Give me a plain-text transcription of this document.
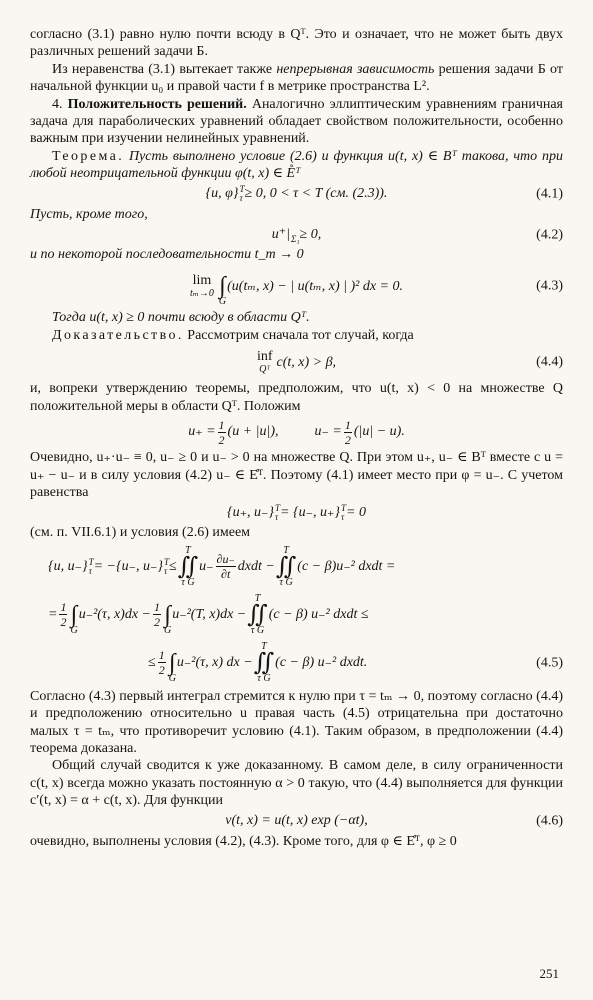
согласно (3.1) равно нулю почти всюду в Qᵀ. Это и означает, что не может быть двух различных решений задачи Б.

Из неравенства (3.1) вытекает также непрерывная зависимость решения задачи Б от начальной функции u₀ и правой части f в метрике пространства L².

4. Положительность решений. Аналогично эллиптическим уравнениям граничная задача для параболических уравнений обладает свойством положительности, особенно важным при изучении нелинейных уравнений.

Теорема. Пусть выполнено условие (2.6) и функция u(t, x) ∈ Bᵀ такова, что при любой неотрицательной функции φ(t, x) ∈ E̊ᵀ

{u, φ} T
τ ≥ 0, 0 < τ < T (см. (2.3)).	(4.1)

Пусть, кроме того,

u⁺| Σ₁ ≥ 0,	(4.2)

и по некоторой последовательности t_m → 0

lim
tₘ→0
∫
G
(u(tₘ, x) − | u(tₘ, x) | )² dx = 0.	(4.3)

Тогда u(t, x) ≥ 0 почти всюду в области Qᵀ.

Доказательство. Рассмотрим сначала тот случай, когда

inf
Qᵀ
c(t, x) > β,	(4.4)

и, вопреки утверждению теоремы, предположим, что u(t, x) < 0 на множестве Q положительной меры в области Qᵀ. Положим

$u_+ = \frac{1}{2} (u + |u|)$,	$u_- = \frac{1}{2} (|u| - u)$.

Очевидно, u₊·u₋ ≡ 0, u₋ ≥ 0 и u₋ > 0 на множестве Q. При этом u₊, u₋ ∈ Bᵀ вместе с u = u₊ − u₋ и в силу условия (4.2) u₋ ∈ E̊ᵀ. Поэтому (4.1) имеет место при φ = u₋. С учетом равенства

{u₊, u₋} T
τ = {u₋, u₊} T
τ = 0

(см. п. VII.6.1) и условия (2.6) имеем

{u, u₋} T
τ = −{u₋, u₋} T
τ ≤
T
∬
τ G
$u_- \frac{\partial u_-}{\partial t}$ dxdt −
T
∬
τ G
(c − β)u₋² dxdt =
= $\frac{1}{2}$
∫
G
u₋²(τ, $x)dx - \frac{1}{2}$
∫
G
u₋²(T, x)dx −
T
∬
τ G
(c − β) u₋² dxdt ≤
≤ $\frac{1}{2}$
∫
G
u₋²(τ, x) dx −
T
∬
τ G
(c − β) u₋² dxdt.	(4.5)

Согласно (4.3) первый интеграл стремится к нулю при τ = tₘ → 0, поэтому согласно (4.4) и предположению относительно u правая часть (4.5) отрицательна при достаточно малых τ = tₘ, что противоречит условию (4.1). Таким образом, в предположении (4.4) теорема доказана.

Общий случай сводится к уже доказанному. В самом деле, в силу ограниченности c(t, x) всегда можно указать постоянную α > 0 такую, что (4.4) выполняется для функции c′(t, x) = α + c(t, x). Для функции

v(t, x) = u(t, x) exp (−αt),	(4.6)

очевидно, выполнены условия (4.2), (4.3). Кроме того, для φ ∈ E̊ᵀ, φ ≥ 0

251
